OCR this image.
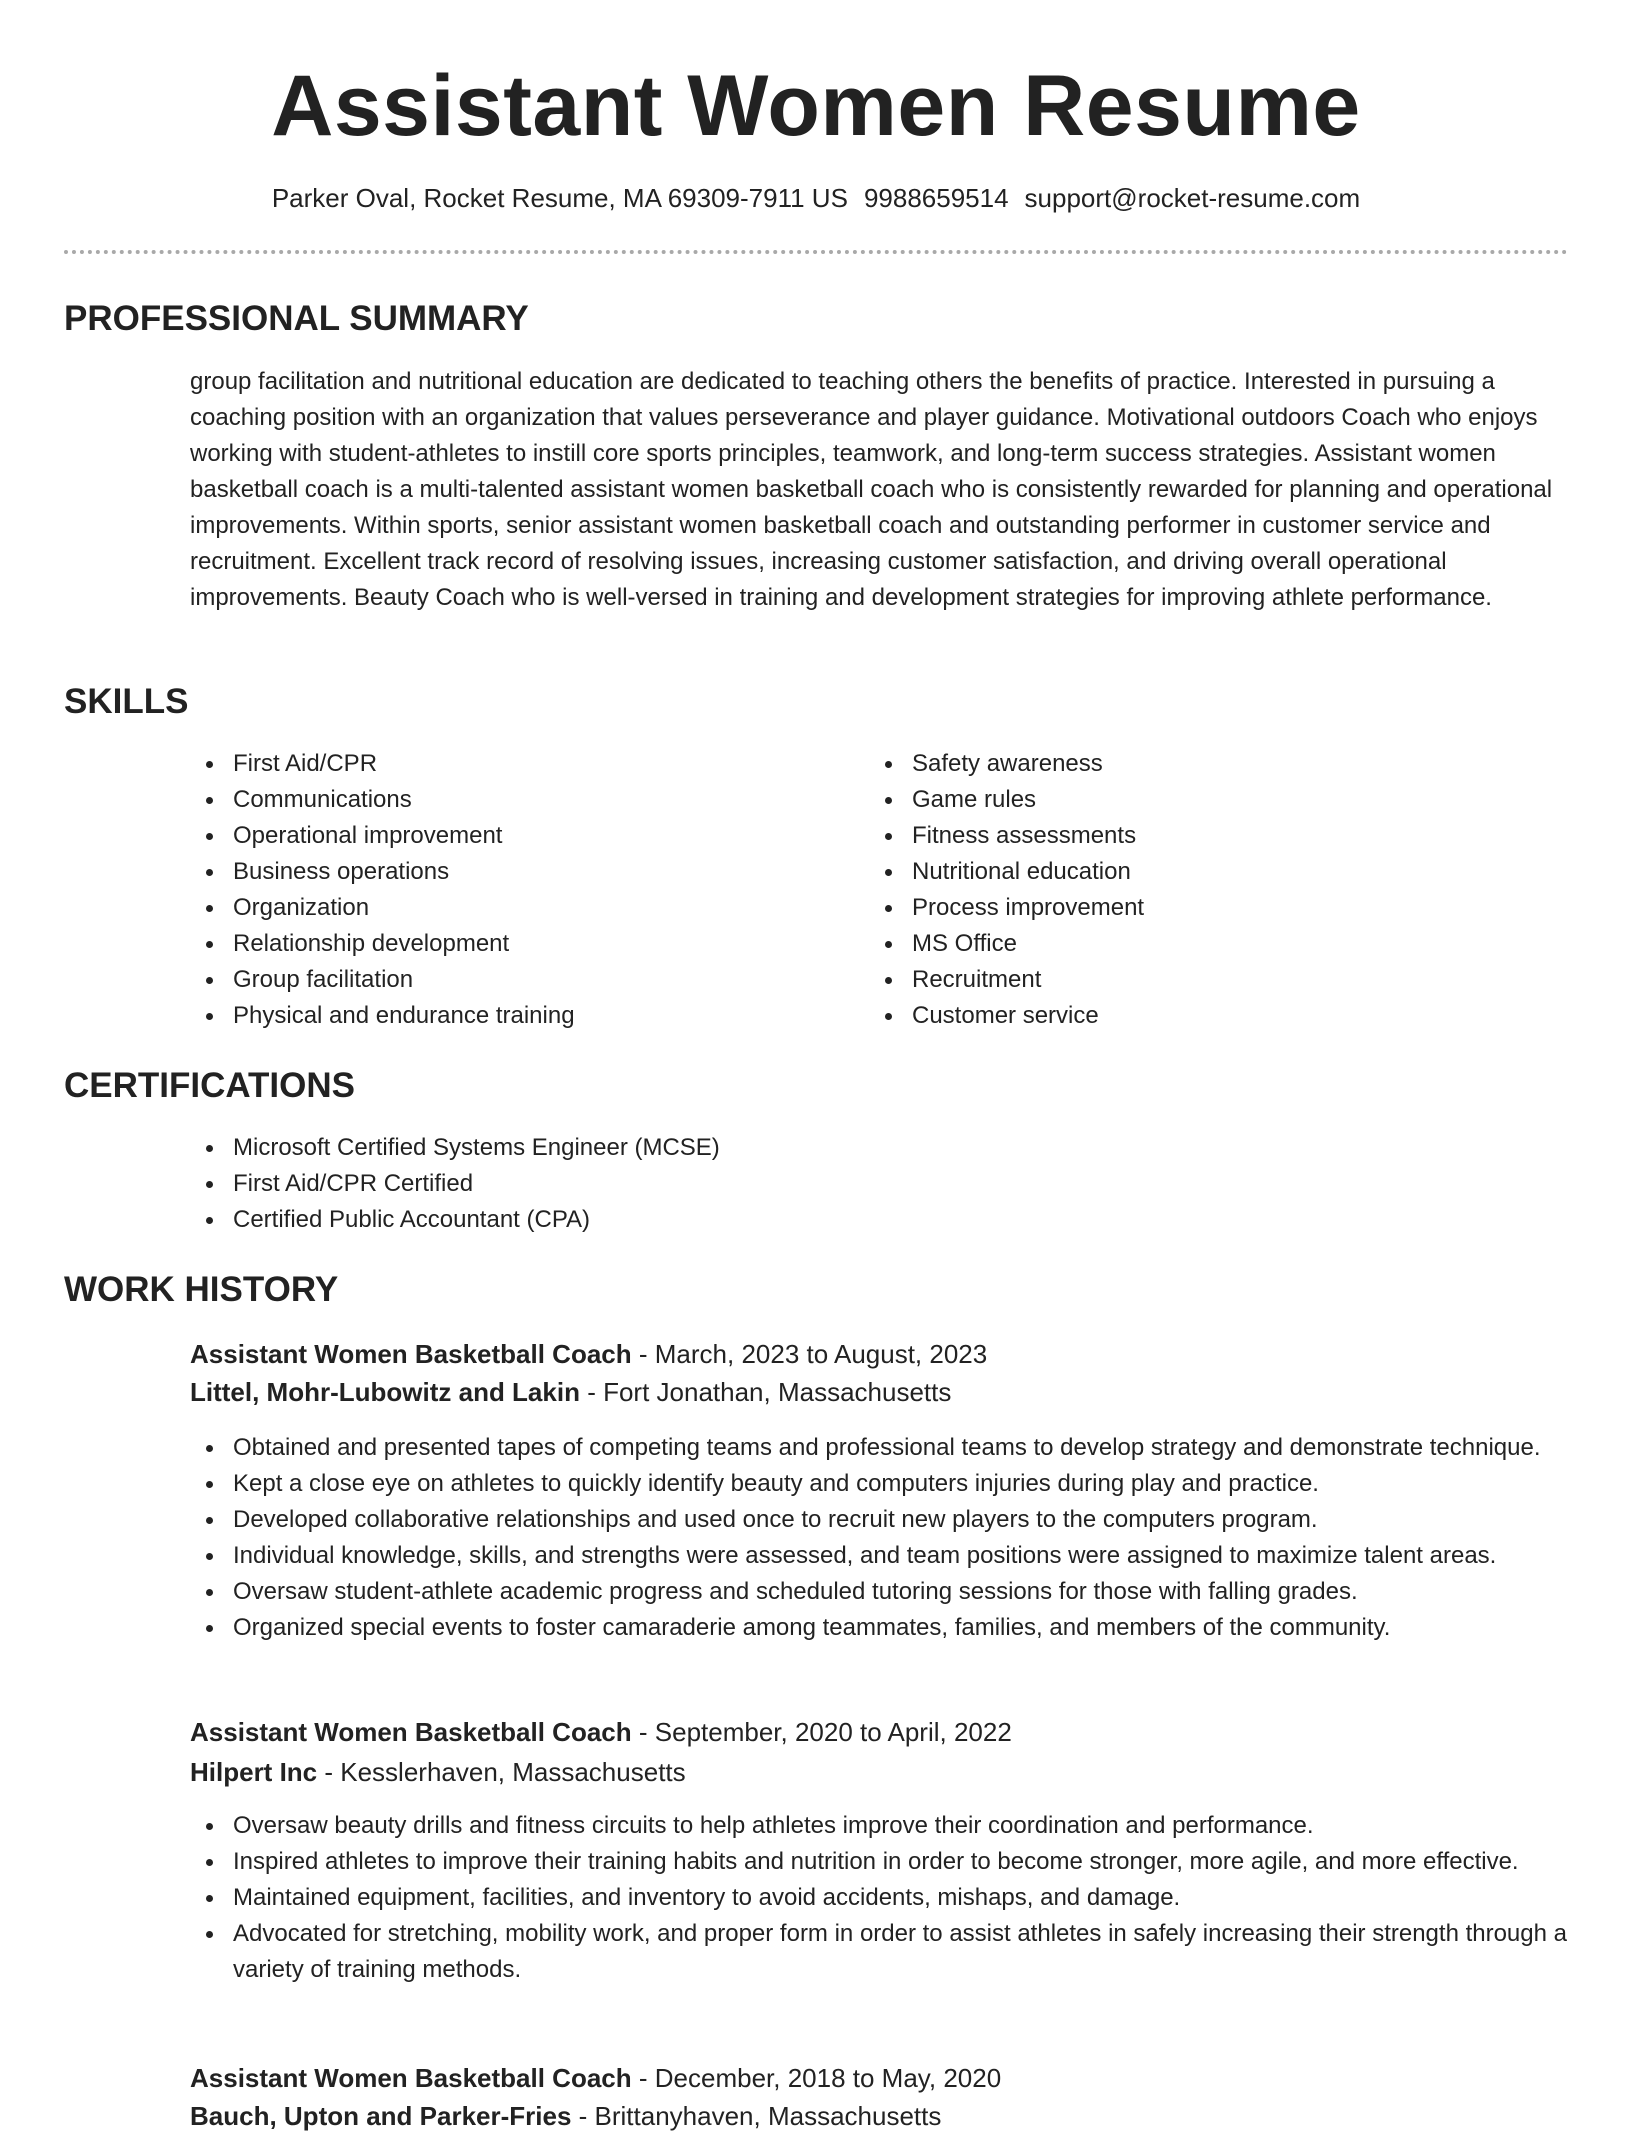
Assistant Women Resume
Parker Oval, Rocket Resume, MA 69309-7911 US 9988659514 support@rocket-resume.com
PROFESSIONAL SUMMARY
group facilitation and nutritional education are dedicated to teaching others the benefits of practice. Interested in pursuing a coaching position with an organization that values perseverance and player guidance. Motivational outdoors Coach who enjoys working with student-athletes to instill core sports principles, teamwork, and long-term success strategies. Assistant women basketball coach is a multi-talented assistant women basketball coach who is consistently rewarded for planning and operational improvements. Within sports, senior assistant women basketball coach and outstanding performer in customer service and recruitment. Excellent track record of resolving issues, increasing customer satisfaction, and driving overall operational improvements. Beauty Coach who is well-versed in training and development strategies for improving athlete performance.
SKILLS
First Aid/CPR
Communications
Operational improvement
Business operations
Organization
Relationship development
Group facilitation
Physical and endurance training
Safety awareness
Game rules
Fitness assessments
Nutritional education
Process improvement
MS Office
Recruitment
Customer service
CERTIFICATIONS
Microsoft Certified Systems Engineer (MCSE)
First Aid/CPR Certified
Certified Public Accountant (CPA)
WORK HISTORY
Assistant Women Basketball Coach - March, 2023 to August, 2023
Littel, Mohr-Lubowitz and Lakin - Fort Jonathan, Massachusetts
Obtained and presented tapes of competing teams and professional teams to develop strategy and demonstrate technique.
Kept a close eye on athletes to quickly identify beauty and computers injuries during play and practice.
Developed collaborative relationships and used once to recruit new players to the computers program.
Individual knowledge, skills, and strengths were assessed, and team positions were assigned to maximize talent areas.
Oversaw student-athlete academic progress and scheduled tutoring sessions for those with falling grades.
Organized special events to foster camaraderie among teammates, families, and members of the community.
Assistant Women Basketball Coach - September, 2020 to April, 2022
Hilpert Inc - Kesslerhaven, Massachusetts
Oversaw beauty drills and fitness circuits to help athletes improve their coordination and performance.
Inspired athletes to improve their training habits and nutrition in order to become stronger, more agile, and more effective.
Maintained equipment, facilities, and inventory to avoid accidents, mishaps, and damage.
Advocated for stretching, mobility work, and proper form in order to assist athletes in safely increasing their strength through a variety of training methods.
Assistant Women Basketball Coach - December, 2018 to May, 2020
Bauch, Upton and Parker-Fries - Brittanyhaven, Massachusetts
